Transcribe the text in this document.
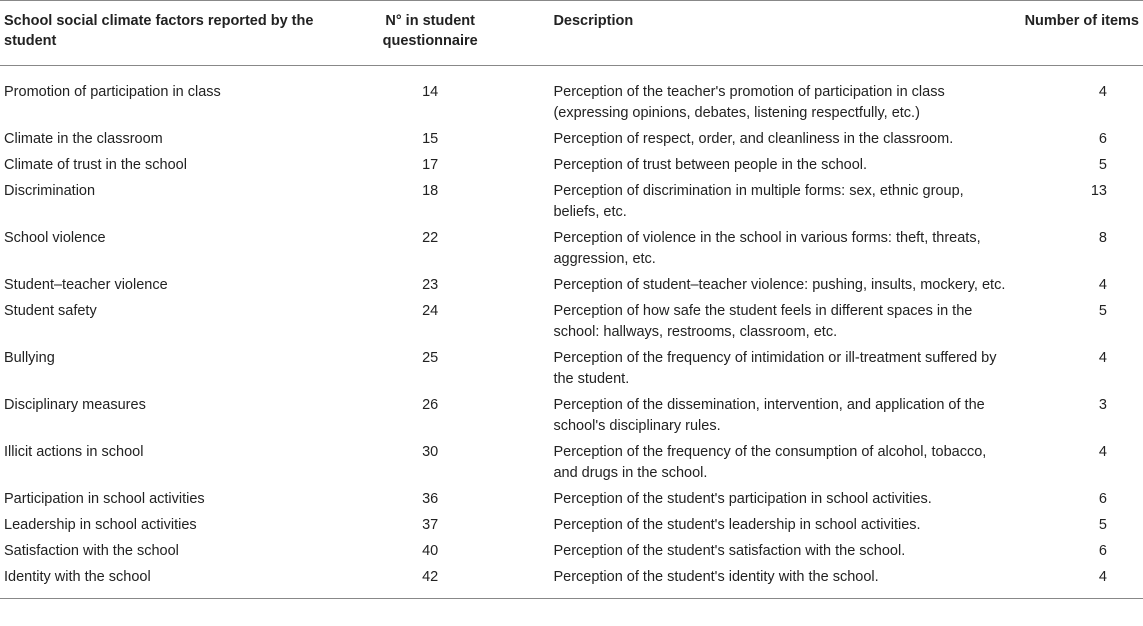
School social climate factors reported by the student	N° in student questionnaire	Description	Number of items
Promotion of participation in class	14	Perception of the teacher's promotion of participation in class (expressing opinions, debates, listening respectfully, etc.)	4
Climate in the classroom	15	Perception of respect, order, and cleanliness in the classroom.	6
Climate of trust in the school	17	Perception of trust between people in the school.	5
Discrimination	18	Perception of discrimination in multiple forms: sex, ethnic group, beliefs, etc.	13
School violence	22	Perception of violence in the school in various forms: theft, threats, aggression, etc.	8
Student–teacher violence	23	Perception of student–teacher violence: pushing, insults, mockery, etc.	4
Student safety	24	Perception of how safe the student feels in different spaces in the school: hallways, restrooms, classroom, etc.	5
Bullying	25	Perception of the frequency of intimidation or ill-treatment suffered by the student.	4
Disciplinary measures	26	Perception of the dissemination, intervention, and application of the school's disciplinary rules.	3
Illicit actions in school	30	Perception of the frequency of the consumption of alcohol, tobacco, and drugs in the school.	4
Participation in school activities	36	Perception of the student's participation in school activities.	6
Leadership in school activities	37	Perception of the student's leadership in school activities.	5
Satisfaction with the school	40	Perception of the student's satisfaction with the school.	6
Identity with the school	42	Perception of the student's identity with the school.	4
